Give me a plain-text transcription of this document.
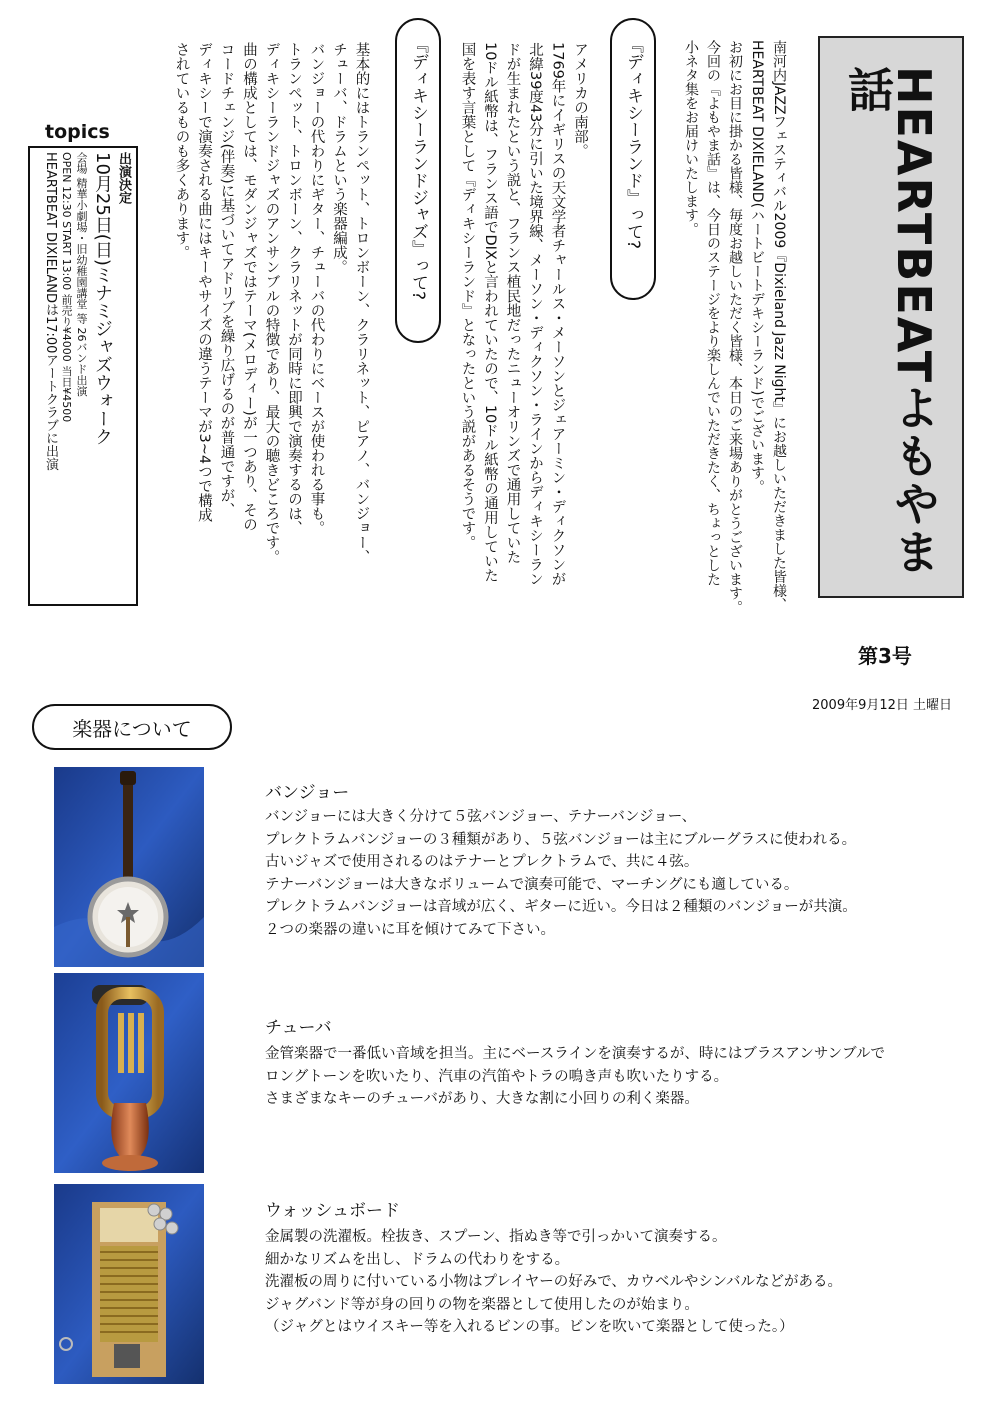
HEARTBEATよもやま話
第3号
2009年9月12日 土曜日
南河内JAZZフェスティバル2009『Dixieland Jazz Night』にお越しいただきました皆様、
HEARTBEAT DIXIELAND(ハートビートデキシーランド)でございます。
お初にお目に掛かる皆様、毎度お越しいただく皆様、本日のご来場ありがとうございます。
今回の『よもやま話』は、今日のステージをより楽しんでいただきたく、ちょっとした
小ネタ集をお届けいたします。
『ディキシーランド』って?
アメリカの南部。
1769年にイギリスの天文学者チャールス・メーソンとジェアーミン・ディクソンが
北緯39度43分に引いた境界線、メーソン・ディクソン・ラインからディキシーラン
ドが生まれたという説と、フランス植民地だったニューオリンズで通用していた
10ドル紙幣は、フランス語でDIXと言われていたので、10ドル紙幣の通用していた
国を表す言葉として『ディキシーランド』となったという説があるそうです。
『ディキシーランドジャズ』って?
基本的にはトランペット、トロンボーン、クラリネット、ピアノ、バンジョー、
チューバ、ドラムという楽器編成。
バンジョーの代わりにギター、チューバの代わりにベースが使われる事も。
トランペット、トロンボーン、クラリネットが同時に即興で演奏するのは、
ディキシーランドジャズのアンサンブルの特徴であり、最大の聴きどころです。
曲の構成としては、モダンジャズではテーマ(メロディー)が一つあり、その
コードチェンジ(伴奏)に基づいてアドリブを繰り広げるのが普通ですが、
ディキシーで演奏される曲にはキーやサイズの違うテーマが3~4つで構成
されているものも多くあります。
topics
出演決定
10月25日(日)ミナミジャズウォーク
会場 精華小劇場・旧幼稚園講堂 等 26バンド出演
OPEN 12:30 START 13:00 前売り¥4000 当日¥4500
HEARTBEAT DIXIELANDは17:00アートクラブに出演
楽器について
バンジョー
バンジョーには大きく分けて５弦バンジョー、テナーバンジョー、
プレクトラムバンジョーの３種類があり、５弦バンジョーは主にブルーグラスに使われる。
古いジャズで使用されるのはテナーとプレクトラムで、共に４弦。
テナーバンジョーは大きなボリュームで演奏可能で、マーチングにも適している。
プレクトラムバンジョーは音域が広く、ギターに近い。今日は２種類のバンジョーが共演。
２つの楽器の違いに耳を傾けてみて下さい。
チューバ
金管楽器で一番低い音域を担当。主にベースラインを演奏するが、時にはブラスアンサンブルで
ロングトーンを吹いたり、汽車の汽笛やトラの鳴き声も吹いたりする。
さまざまなキーのチューバがあり、大きな割に小回りの利く楽器。
ウォッシュボード
金属製の洗濯板。栓抜き、スプーン、指ぬき等で引っかいて演奏する。
細かなリズムを出し、ドラムの代わりをする。
洗濯板の周りに付いている小物はプレイヤーの好みで、カウベルやシンバルなどがある。
ジャグバンド等が身の回りの物を楽器として使用したのが始まり。
（ジャグとはウイスキー等を入れるビンの事。ビンを吹いて楽器として使った。）
